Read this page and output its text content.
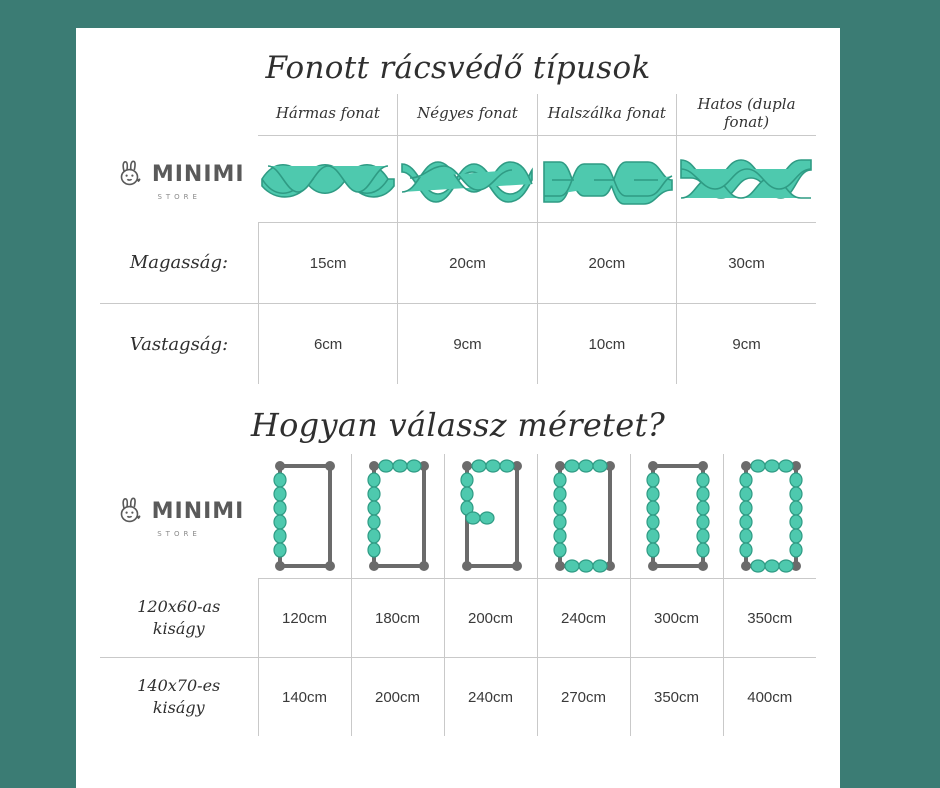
Fonott rácsvédő típusok
	Hármas fonat	Négyes fonat	Halszálka fonat	Hatos (dupla fonat)

MINIMI
STORE

Magasság:	15cm	20cm	20cm	30cm
Vastagság:	6cm	9cm	10cm	9cm
Hogyan válassz méretet?
MINIMI
STORE

120x60-as
kiságy	120cm	180cm	200cm	240cm	300cm	350cm
140x70-es
kiságy	140cm	200cm	240cm	270cm	350cm	400cm
